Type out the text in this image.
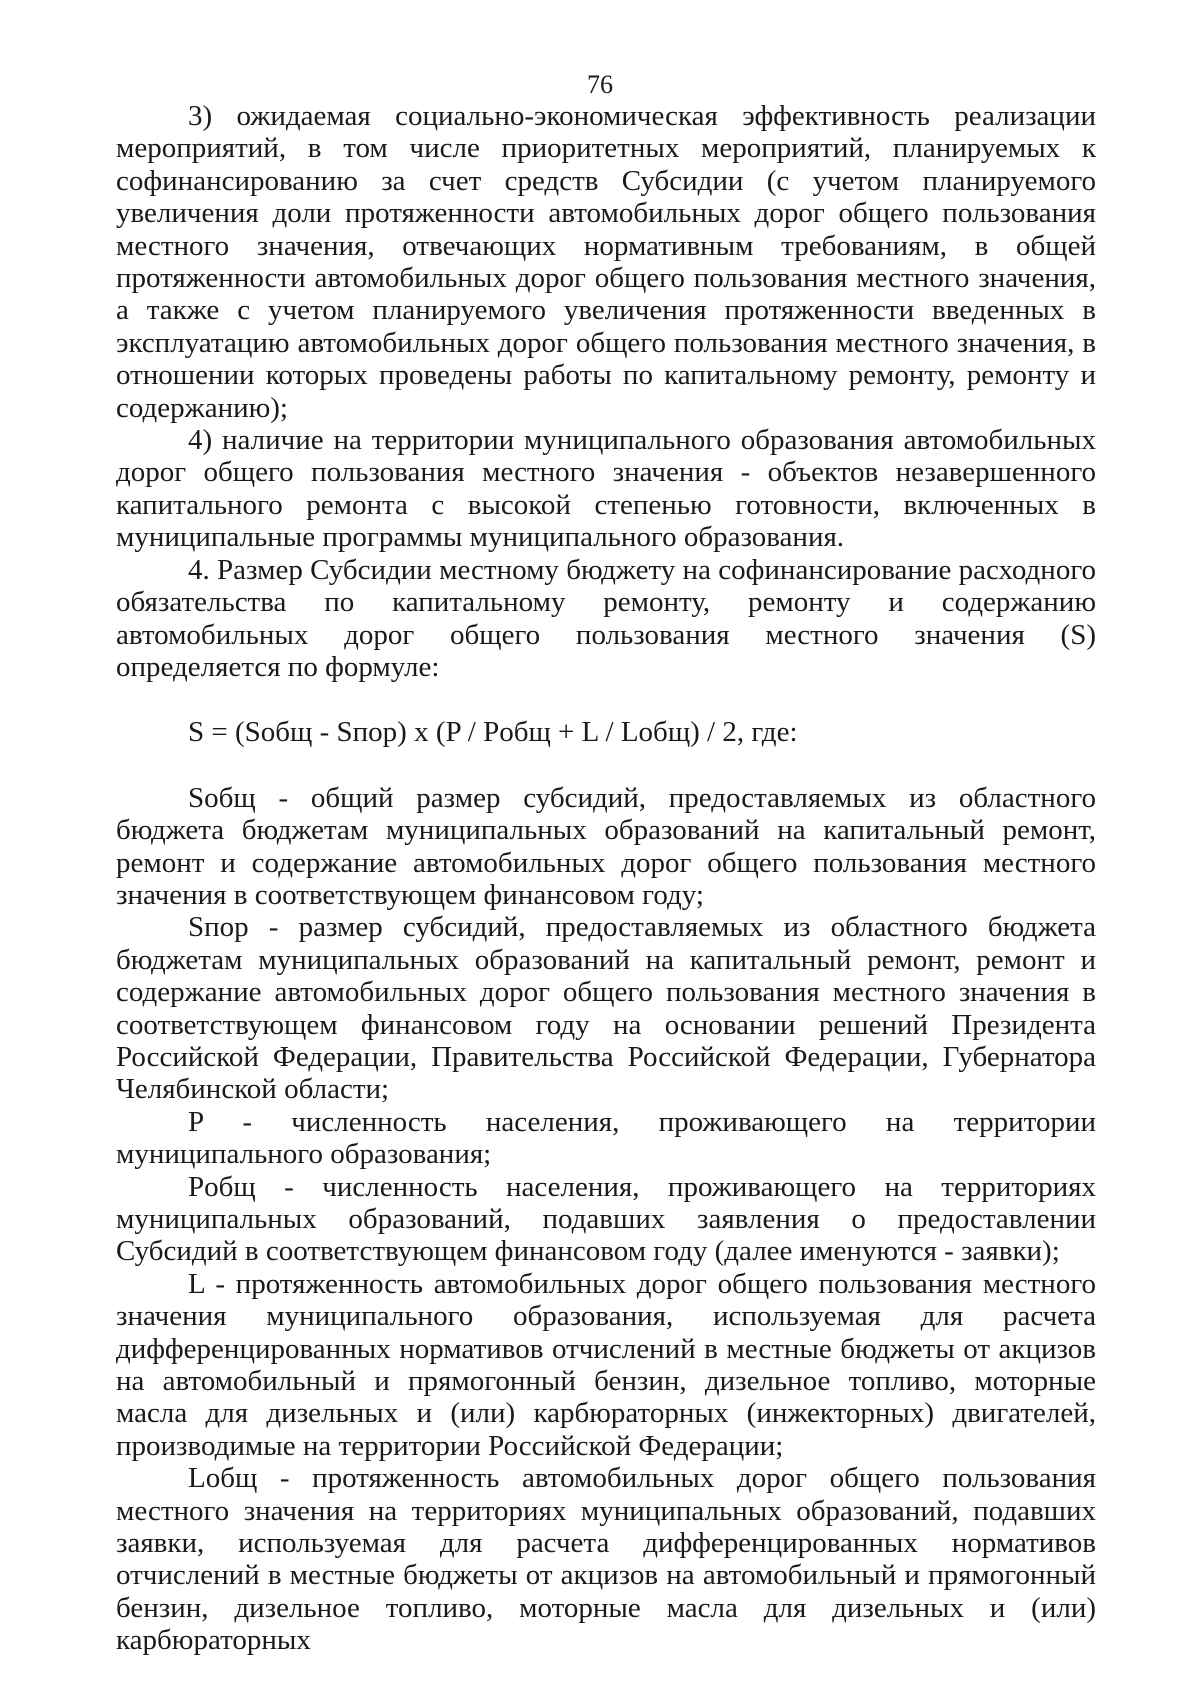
76

3) ожидаемая социально-экономическая эффективность реализации мероприятий, в том числе приоритетных мероприятий, планируемых к софинансированию за счет средств Субсидии (с учетом планируемого увеличения доли протяженности автомобильных дорог общего пользования местного значения, отвечающих нормативным требованиям, в общей протяженности автомобильных дорог общего пользования местного значения, а также с учетом планируемого увеличения протяженности введенных в эксплуатацию автомобильных дорог общего пользования местного значения, в отношении которых проведены работы по капитальному ремонту, ремонту и содержанию);

4) наличие на территории муниципального образования автомобильных дорог общего пользования местного значения - объектов незавершенного капитального ремонта с высокой степенью готовности, включенных в муниципальные программы муниципального образования.

4. Размер Субсидии местному бюджету на софинансирование расходного обязательства по капитальному ремонту, ремонту и содержанию автомобильных дорог общего пользования местного значения (S) определяется по формуле:

S = (Sобщ - Sпор) x (P / Pобщ + L / Lобщ) / 2, где:

Sобщ - общий размер субсидий, предоставляемых из областного бюджета бюджетам муниципальных образований на капитальный ремонт, ремонт и содержание автомобильных дорог общего пользования местного значения в соответствующем финансовом году;

Sпор - размер субсидий, предоставляемых из областного бюджета бюджетам муниципальных образований на капитальный ремонт, ремонт и содержание автомобильных дорог общего пользования местного значения в соответствующем финансовом году на основании решений Президента Российской Федерации, Правительства Российской Федерации, Губернатора Челябинской области;

P - численность населения, проживающего на территории муниципального образования;

Pобщ - численность населения, проживающего на территориях муниципальных образований, подавших заявления о предоставлении Субсидий в соответствующем финансовом году (далее именуются - заявки);

L - протяженность автомобильных дорог общего пользования местного значения муниципального образования, используемая для расчета дифференцированных нормативов отчислений в местные бюджеты от акцизов на автомобильный и прямогонный бензин, дизельное топливо, моторные масла для дизельных и (или) карбюраторных (инжекторных) двигателей, производимые на территории Российской Федерации;

Lобщ - протяженность автомобильных дорог общего пользования местного значения на территориях муниципальных образований, подавших заявки, используемая для расчета дифференцированных нормативов отчислений в местные бюджеты от акцизов на автомобильный и прямогонный бензин, дизельное топливо, моторные масла для дизельных и (или) карбюраторных
